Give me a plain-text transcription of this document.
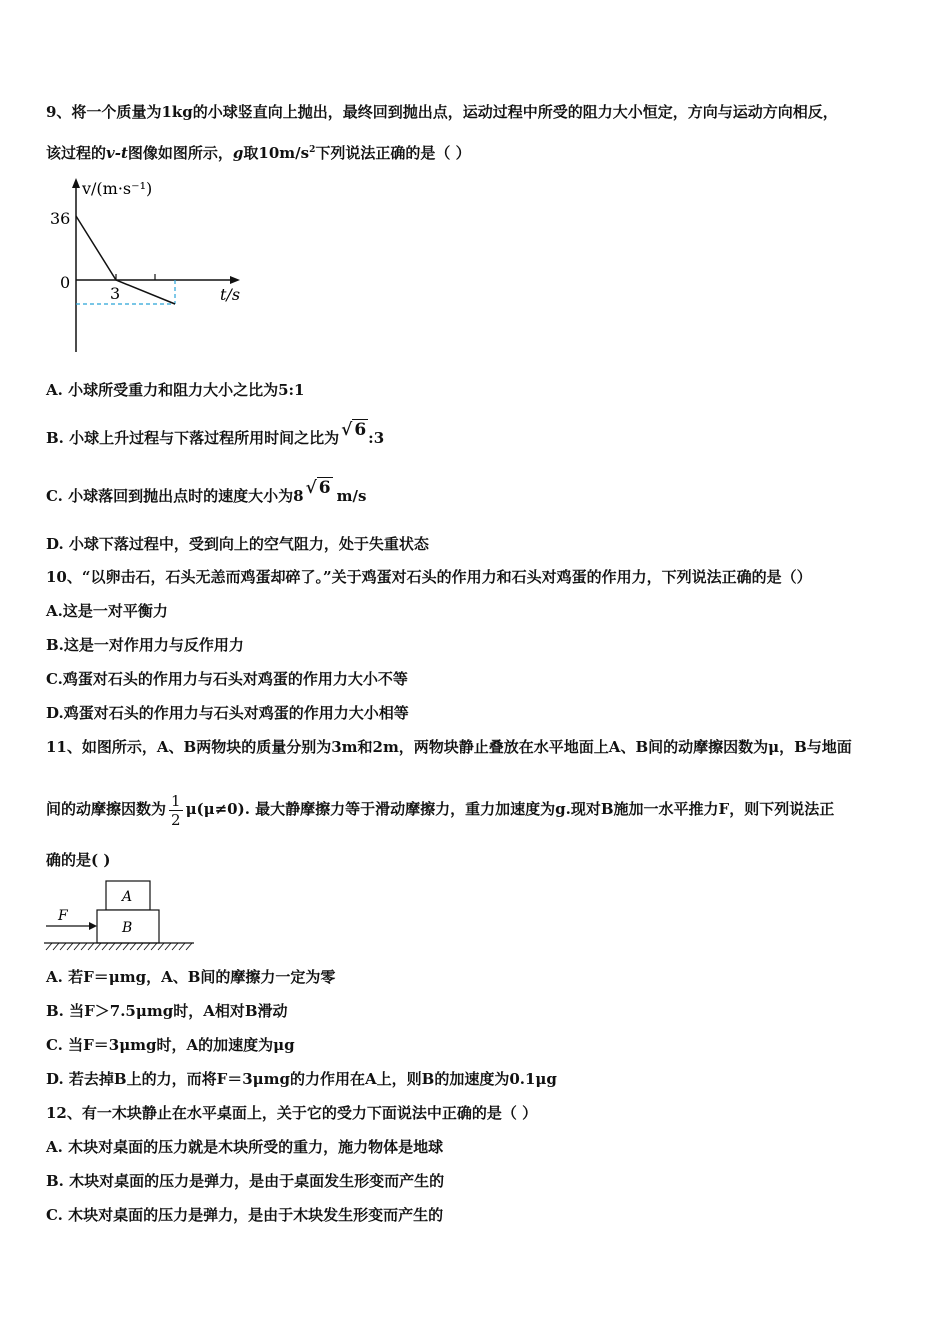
9、将一个质量为1kg的小球竖直向上抛出，最终回到抛出点，运动过程中所受的阻力大小恒定，方向与运动方向相反，
该过程的v-t图像如图所示，g取$10m/s^2$下列说法正确的是（ ）
v/(m·s⁻¹)
36
0
3	t/s
A. 小球所受重力和阻力大小之比为5:1
B. 小球上升过程与下落过程所用时间之比为 √ 6 :3
C. 小球落回到抛出点时的速度大小为8 √ 6 m/s
D. 小球下落过程中，受到向上的空气阻力，处于失重状态
10、“以卵击石，石头无恙而鸡蛋却碎了。”关于鸡蛋对石头的作用力和石头对鸡蛋的作用力，下列说法正确的是（）
A.这是一对平衡力
B.这是一对作用力与反作用力
C.鸡蛋对石头的作用力与石头对鸡蛋的作用力大小不等
D.鸡蛋对石头的作用力与石头对鸡蛋的作用力大小相等
11、如图所示，A、B两物块的质量分别为3m和2m，两物块静止叠放在水平地面上A、B间的动摩擦因数为μ，B与地面
间的动摩擦因数为 $\frac{1}{2} \mu(\mu\ne 0)$. 最大静摩擦力等于滑动摩擦力，重力加速度为g.现对B施加一水平推力F，则下列说法正
确的是( )
A
B
F
A. 若F＝μmg，A、B间的摩擦力一定为零
B. 当F＞7.5μmg时，A相对B滑动
C. 当F＝3μmg时，A的加速度为μg
D. 若去掉B上的力，而将F＝3μmg的力作用在A上，则B的加速度为0.1μg
12、有一木块静止在水平桌面上，关于它的受力下面说法中正确的是（ ）
A. 木块对桌面的压力就是木块所受的重力，施力物体是地球
B. 木块对桌面的压力是弹力，是由于桌面发生形变而产生的
C. 木块对桌面的压力是弹力，是由于木块发生形变而产生的
